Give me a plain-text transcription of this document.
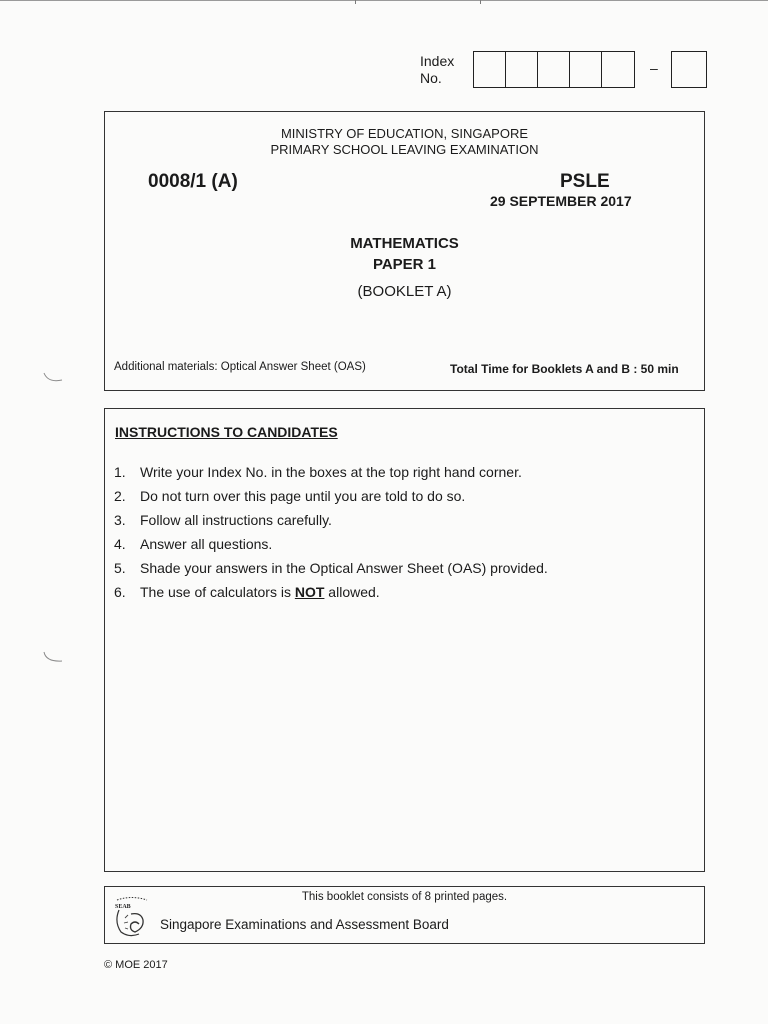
Index
No.
–
MINISTRY OF EDUCATION, SINGAPORE
PRIMARY SCHOOL LEAVING EXAMINATION
0008/1 (A)	PSLE
29 SEPTEMBER 2017
MATHEMATICS
PAPER 1
(BOOKLET A)
Additional materials: Optical Answer Sheet (OAS)	Total Time for Booklets A and B : 50 min
INSTRUCTIONS TO CANDIDATES
1.	Write your Index No. in the boxes at the top right hand corner.
2.	Do not turn over this page until you are told to do so.
3.	Follow all instructions carefully.
4.	Answer all questions.
5.	Shade your answers in the Optical Answer Sheet (OAS) provided.
6.	The use of calculators is NOT allowed.
This booklet consists of 8 printed pages.
SEAB
Singapore Examinations and Assessment Board
© MOE 2017
